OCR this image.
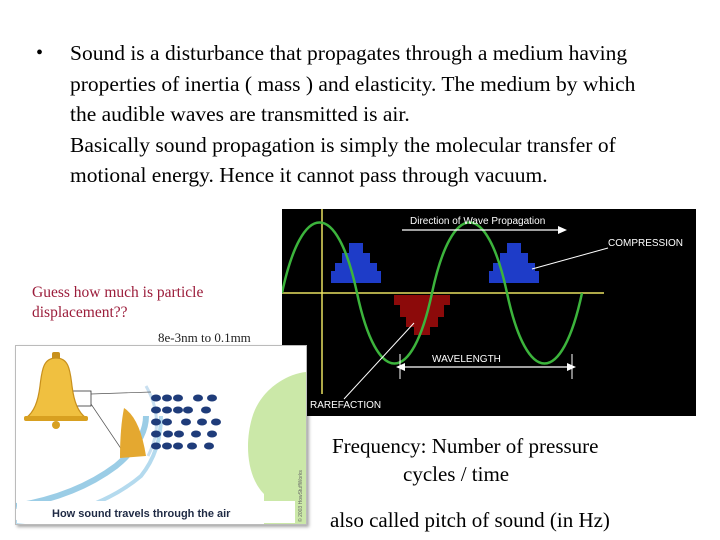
• Sound is a disturbance that propagates through a medium having properties of inertia ( mass ) and elasticity. The medium by which the audible waves are transmitted is air.

Basically sound propagation is simply the molecular transfer of motional energy. Hence it cannot pass through vacuum.

Guess how much is particle displacement??
8e-3nm to 0.1mm
Direction of Wave Propagation
COMPRESSION
WAVELENGTH
RAREFACTION
How sound travels through the air	© 2003 HowStuffWorks
Frequency: Number of pressure
cycles / time
also called pitch of sound (in Hz)
